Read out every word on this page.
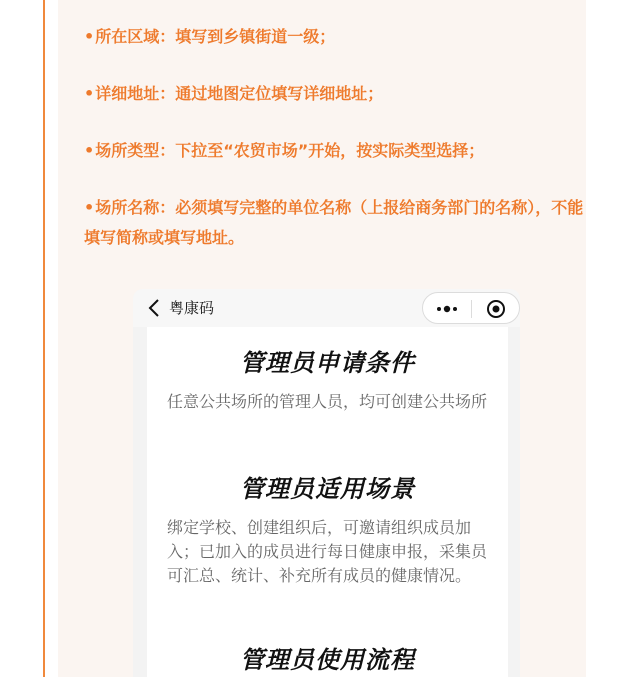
•所在区域：填写到乡镇街道一级；
•详细地址：通过地图定位填写详细地址；
•场所类型：下拉至“农贸市场”开始，按实际类型选择；
•场所名称：必须填写完整的单位名称（上报给商务部门的名称），不能填写简称或填写地址。
粤康码
管理员申请条件
任意公共场所的管理人员，均可创建公共场所
管理员适用场景
绑定学校、创建组织后，可邀请组织成员加入；已加入的成员进行每日健康申报，采集员可汇总、统计、补充所有成员的健康情况。
管理员使用流程
